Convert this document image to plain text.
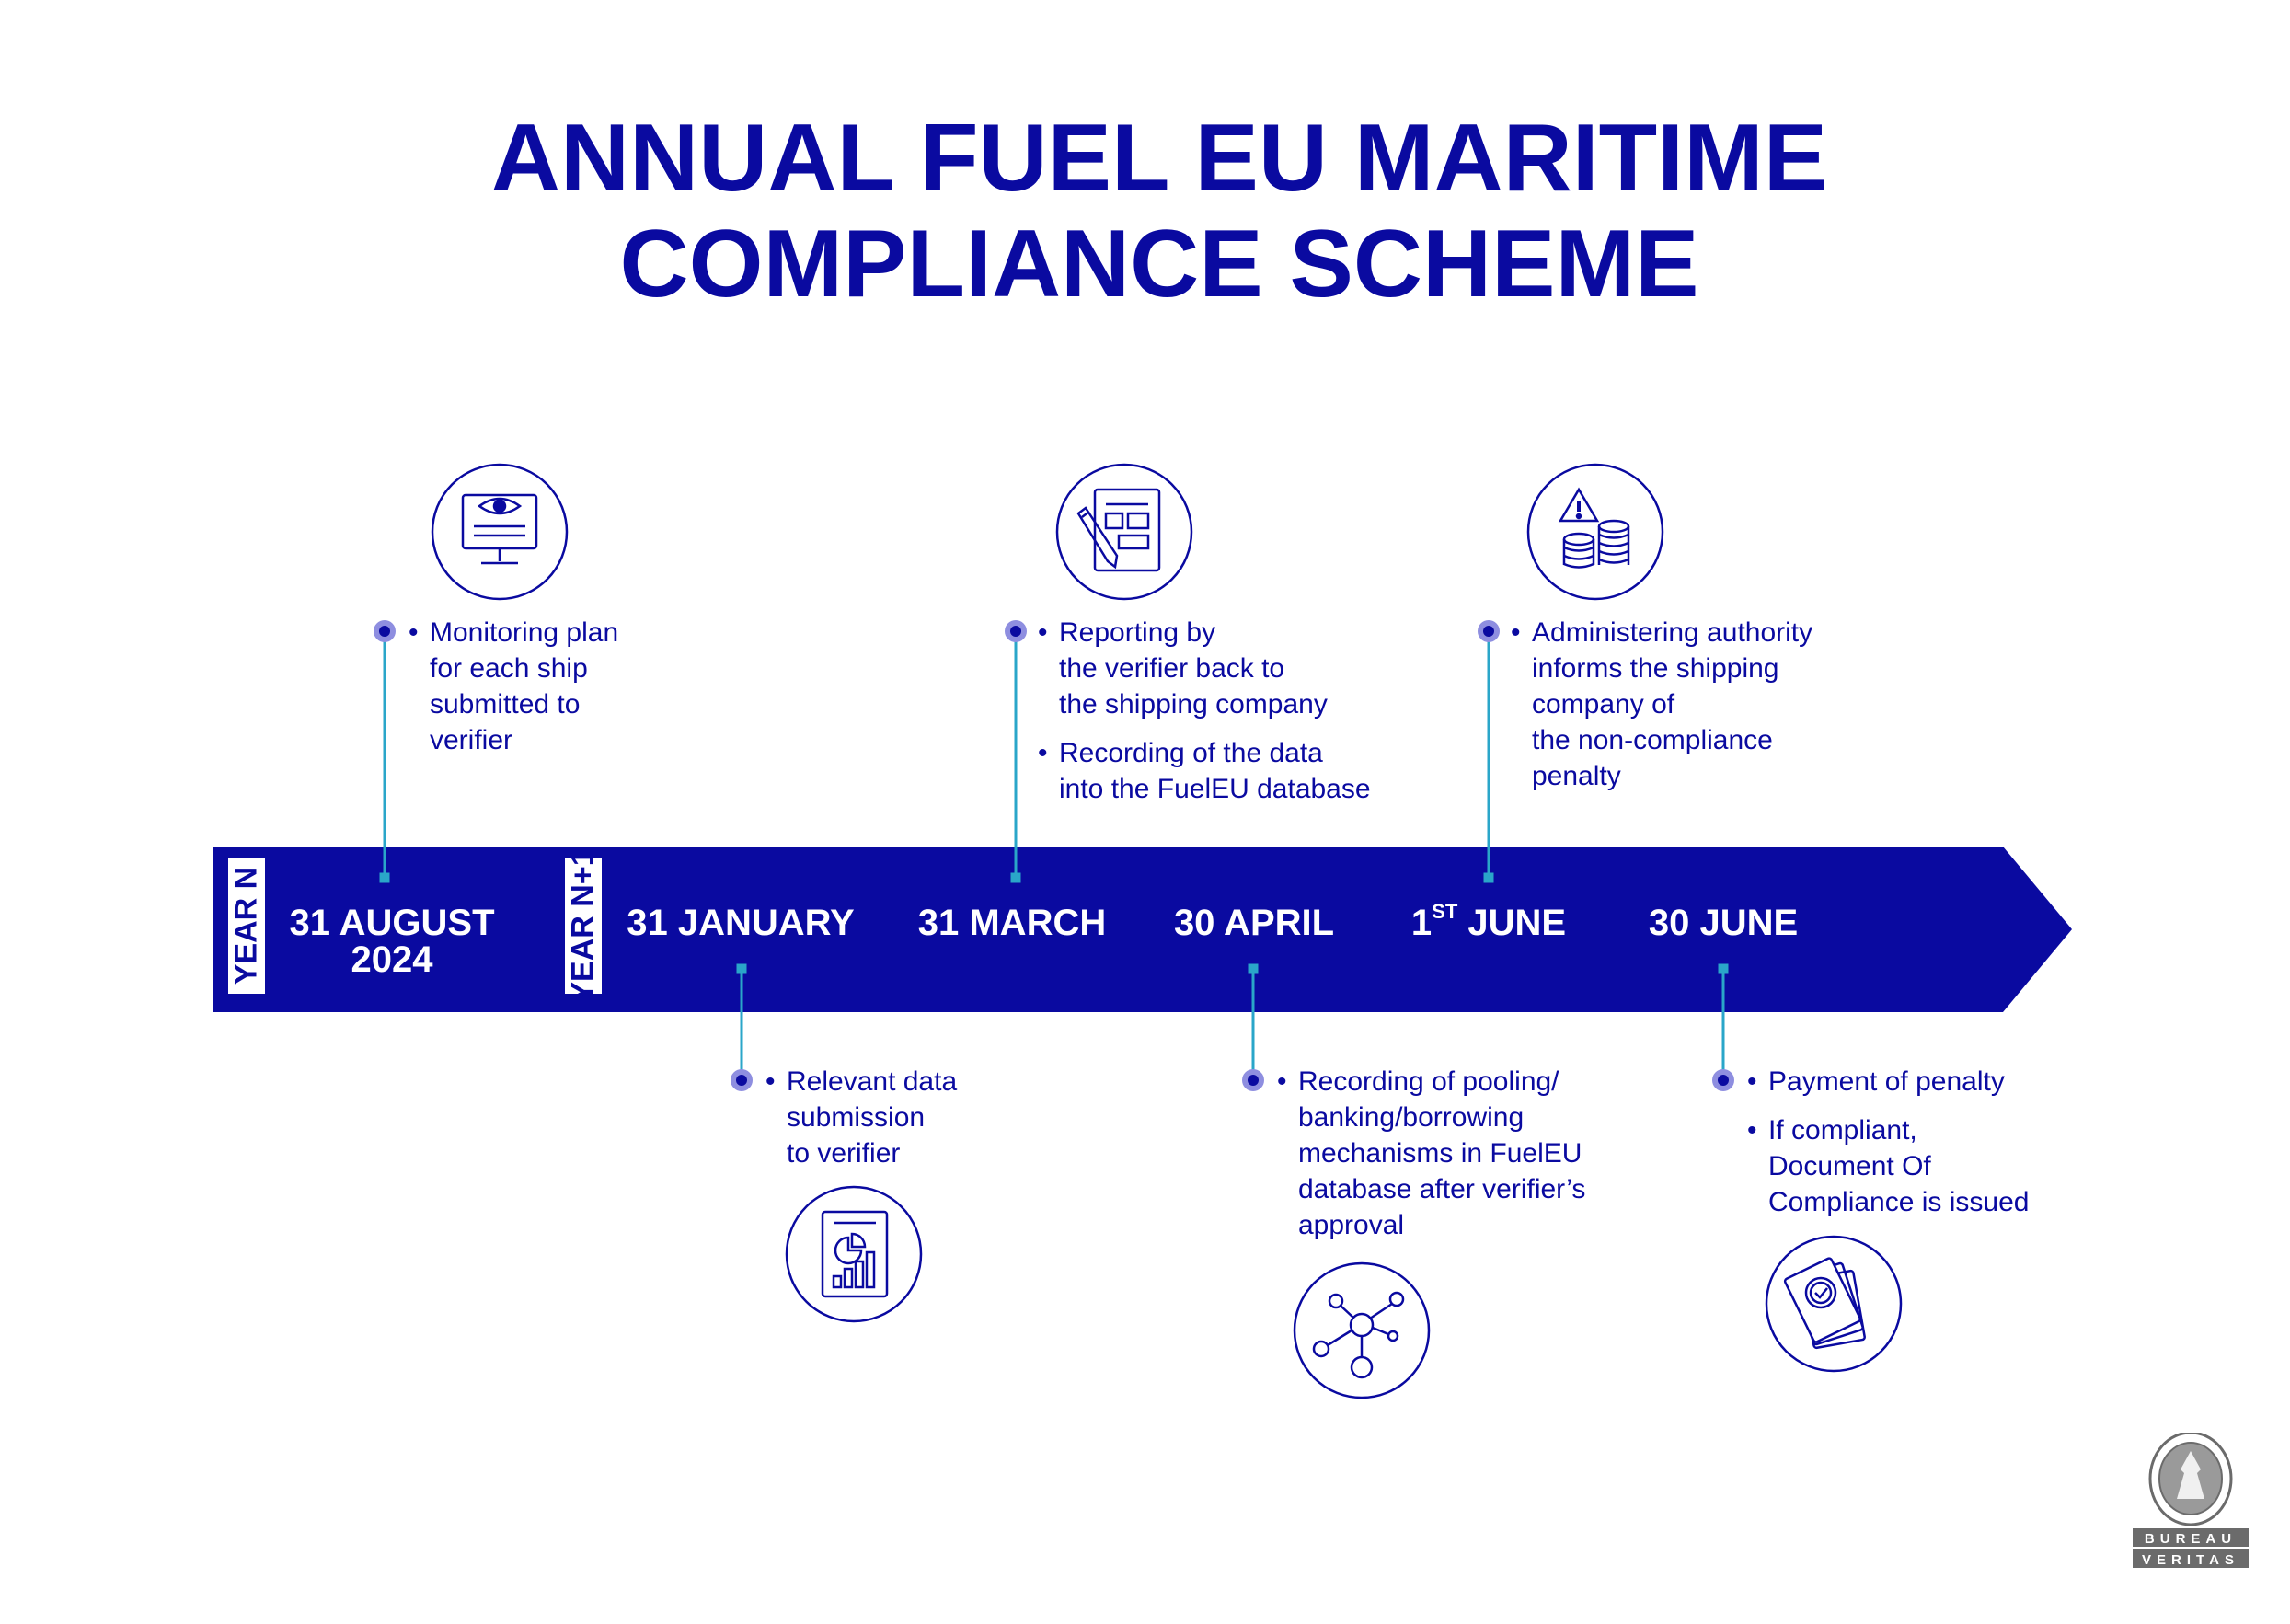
ANNUAL FUEL EU MARITIME
COMPLIANCE SCHEME
YEAR N	YEAR N+1
31 AUGUST
2024
31 JANUARY 31 MARCH 30 APRIL 1ST JUNE 30 JUNE
• Monitoring plan
for each ship
submitted to
verifier
• Reporting by
the verifier back to
the shipping company
• Recording of the data
into the FuelEU database
• Administering authority
informs the shipping
company of
the non-compliance
penalty
• Relevant data
submission
to verifier
• Recording of pooling/
banking/borrowing
mechanisms in FuelEU
database after verifier’s
approval
• Payment of penalty
• If compliant,
Document Of
Compliance is issued
BUREAU
VERITAS
